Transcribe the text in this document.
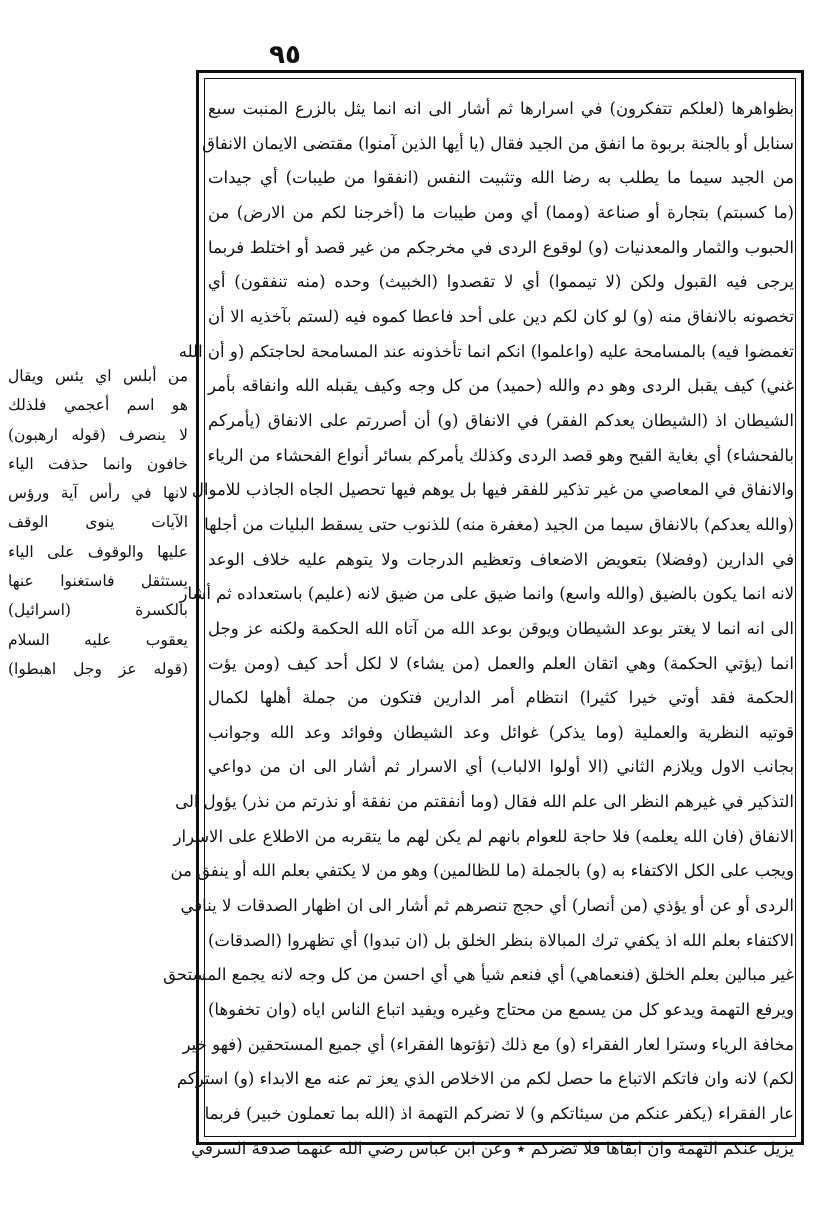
٩٥
بظواهرها (لعلكم تتفكرون) في اسرارها ثم أشار الى انه انما يثل بالزرع المنبت سبع
سنابل أو بالجنة بربوة ما انفق من الجيد فقال (يا أيها الذين آمنوا) مقتضى الايمان الانفاق
من الجيد سيما ما يطلب به رضا الله وتثبيت النفس (انفقوا من طيبات) أي جيدات
(ما كسبتم) بتجارة أو صناعة (ومما) أي ومن طيبات ما (أخرجنا لكم من الارض) من
الحبوب والثمار والمعدنيات (و) لوقوع الردى في مخرجكم من غير قصد أو اختلط فربما
يرجى فيه القبول ولكن (لا تيمموا) أي لا تقصدوا (الخبيث) وحده (منه تنفقون) أي
تخصونه بالانفاق منه (و) لو كان لكم دين على أحد فاعطا كموه فيه (لستم بآخذيه الا أن
تغمضوا فيه) بالمسامحة عليه (واعلموا) انكم انما تأخذونه عند المسامحة لحاجتكم (و أن الله
غني) كيف يقبل الردى وهو دم والله (حميد) من كل وجه وكيف يقبله الله وانفاقه بأمر
الشيطان اذ (الشيطان يعدكم الفقر) في الانفاق (و) أن أصررتم على الانفاق (يأمركم
بالفحشاء) أي بغاية القبح وهو قصد الردى وكذلك يأمركم بسائر أنواع الفحشاء من الرياء
والانفاق في المعاصي من غير تذكير للفقر فيها بل يوهم فيها تحصيل الجاه الجاذب للاموال
(والله يعدكم) بالانفاق سيما من الجيد (مغفرة منه) للذنوب حتى يسقط البليات من أجلها
في الدارين (وفضلا) بتعويض الاضعاف وتعظيم الدرجات ولا يتوهم عليه خلاف الوعد
لانه انما يكون بالضيق (والله واسع) وانما ضيق على من ضيق لانه (عليم) باستعداده ثم أشار
الى انه انما لا يغتر بوعد الشيطان ويوقن بوعد الله من آتاه الله الحكمة ولكنه عز وجل
انما (يؤتي الحكمة) وهي اتقان العلم والعمل (من يشاء) لا لكل أحد كيف (ومن يؤت
الحكمة فقد أوتي خيرا كثيرا) انتظام أمر الدارين فتكون من جملة أهلها لكمال
قوتيه النظرية والعملية (وما يذكر) غوائل وعد الشيطان وفوائد وعد الله وجوانب
بجانب الاول ويلازم الثاني (الا أولوا الالباب) أي الاسرار ثم أشار الى ان من دواعي
التذكير في غيرهم النظر الى علم الله فقال (وما أنفقتم من نفقة أو نذرتم من نذر) يؤول الى
الانفاق (فان الله يعلمه) فلا حاجة للعوام بانهم لم يكن لهم ما يتقربه من الاطلاع على الاسرار
ويجب على الكل الاكتفاء به (و) بالجملة (ما للظالمين) وهو من لا يكتفي بعلم الله أو ينفق من
الردى أو عن أو يؤذي (من أنصار) أي حجج تنصرهم ثم أشار الى ان اظهار الصدقات لا ينافي
الاكتفاء بعلم الله اذ يكفي ترك المبالاة بنظر الخلق بل (ان تبدوا) أي تظهروا (الصدقات)
غير مبالين بعلم الخلق (فنعماهي) أي فنعم شيأ هي أي احسن من كل وجه لانه يجمع المستحق
ويرفع التهمة ويدعو كل من يسمع من محتاج وغيره ويفيد اتباع الناس اياه (وان تخفوها)
مخافة الرياء وسترا لعار الفقراء (و) مع ذلك (تؤتوها الفقراء) أي جميع المستحقين (فهو خير
لكم) لانه وان فاتكم الاتباع ما حصل لكم من الاخلاص الذي يعز تم عنه مع الابداء (و) استركم
عار الفقراء (يكفر عنكم من سيئاتكم و) لا تضركم التهمة اذ (الله بما تعملون خبير) فربما
يزيل عنكم التهمة وان ابقاها فلا تضركم ٭ وعن ابن عباس رضي الله عنهما صدقة السرفي
من أبلس اي يئس ويقال
هو اسم أعجمي فلذلك
لا ينصرف (قوله ارهبون)
خافون وانما حذفت الياء
لانها في رأس آية ورؤس
الآيات ينوى الوقف
عليها والوقوف على الياء
يستثقل فاستغنوا عنها
بالكسرة (اسرائيل)
يعقوب عليه السلام
(قوله عز وجل اهبطوا)
